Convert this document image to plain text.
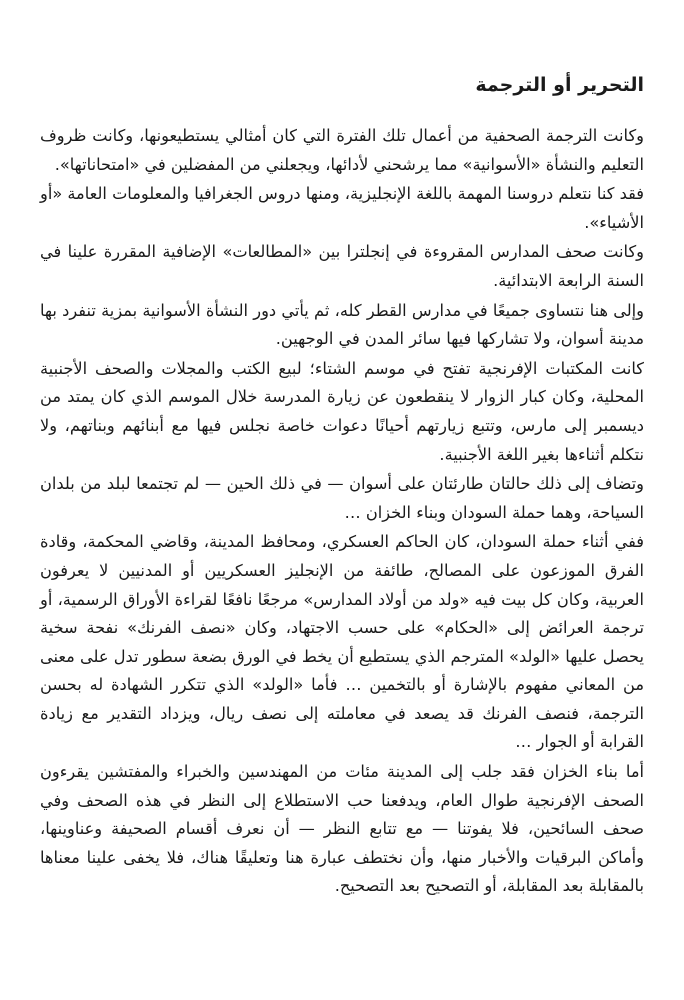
التحرير أو الترجمة

وكانت الترجمة الصحفية من أعمال تلك الفترة التي كان أمثالي يستطيعونها، وكانت ظروف التعليم والنشأة «الأسوانية» مما يرشحني لأدائها، ويجعلني من المفضلين في «امتحاناتها».

فقد كنا نتعلم دروسنا المهمة باللغة الإنجليزية، ومنها دروس الجغرافيا والمعلومات العامة «أو الأشياء».

وكانت صحف المدارس المقروءة في إنجلترا بين «المطالعات» الإضافية المقررة علينا في السنة الرابعة الابتدائية.

وإلى هنا نتساوى جميعًا في مدارس القطر كله، ثم يأتي دور النشأة الأسوانية بمزية تنفرد بها مدينة أسوان، ولا تشاركها فيها سائر المدن في الوجهين.

كانت المكتبات الإفرنجية تفتح في موسم الشتاء؛ لبيع الكتب والمجلات والصحف الأجنبية المحلية، وكان كبار الزوار لا ينقطعون عن زيارة المدرسة خلال الموسم الذي كان يمتد من ديسمبر إلى مارس، وتتبع زيارتهم أحيانًا دعوات خاصة نجلس فيها مع أبنائهم وبناتهم، ولا نتكلم أثناءها بغير اللغة الأجنبية.

وتضاف إلى ذلك حالتان طارئتان على أسوان — في ذلك الحين — لم تجتمعا لبلد من بلدان السياحة، وهما حملة السودان وبناء الخزان …

ففي أثناء حملة السودان، كان الحاكم العسكري، ومحافظ المدينة، وقاضي المحكمة، وقادة الفرق الموزعون على المصالح، طائفة من الإنجليز العسكريين أو المدنيين لا يعرفون العربية، وكان كل بيت فيه «ولد من أولاد المدارس» مرجعًا نافعًا لقراءة الأوراق الرسمية، أو ترجمة العرائض إلى «الحكام» على حسب الاجتهاد، وكان «نصف الفرنك» نفحة سخية يحصل عليها «الولد» المترجم الذي يستطيع أن يخط في الورق بضعة سطور تدل على معنى من المعاني مفهوم بالإشارة أو بالتخمين … فأما «الولد» الذي تتكرر الشهادة له بحسن الترجمة، فنصف الفرنك قد يصعد في معاملته إلى نصف ريال، ويزداد التقدير مع زيادة القرابة أو الجوار …

أما بناء الخزان فقد جلب إلى المدينة مئات من المهندسين والخبراء والمفتشين يقرءون الصحف الإفرنجية طوال العام، ويدفعنا حب الاستطلاع إلى النظر في هذه الصحف وفي صحف السائحين، فلا يفوتنا — مع تتابع النظر — أن نعرف أقسام الصحيفة وعناوينها، وأماكن البرقيات والأخبار منها، وأن نختطف عبارة هنا وتعليقًا هناك، فلا يخفى علينا معناها بالمقابلة بعد المقابلة، أو التصحيح بعد التصحيح.
